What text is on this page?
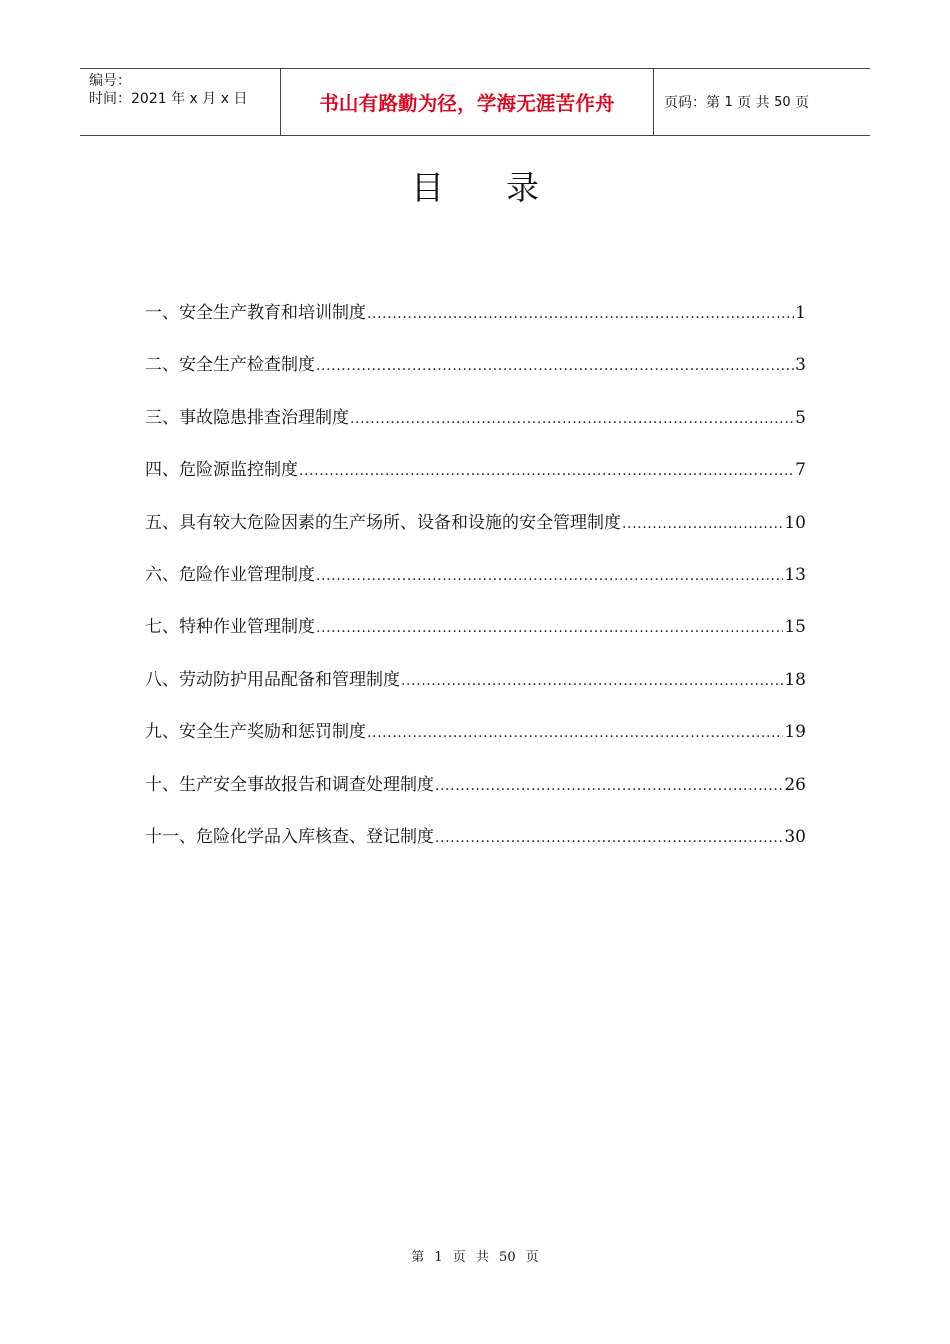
编号：
时间：2021 年 x 月 x 日	书山有路勤为径，学海无涯苦作舟	页码：第
1
页 共
50
页
目录
一、安全生产教育和培训制度 .....	1
二、安全生产检查制度 .....	3
三、事故隐患排查治理制度 .....	5
四、危险源监控制度 .....	7
五、具有较大危险因素的生产场所、设备和设施的安全管理制度 .....	10
六、危险作业管理制度 .....	13
七、特种作业管理制度 .....	15
八、劳动防护用品配备和管理制度 .....	18
九、安全生产奖励和惩罚制度 .....	19
十、生产安全事故报告和调查处理制度 .....	26
十一、危险化学品入库核查、登记制度 .....	30
第 1 页 共 50 页
